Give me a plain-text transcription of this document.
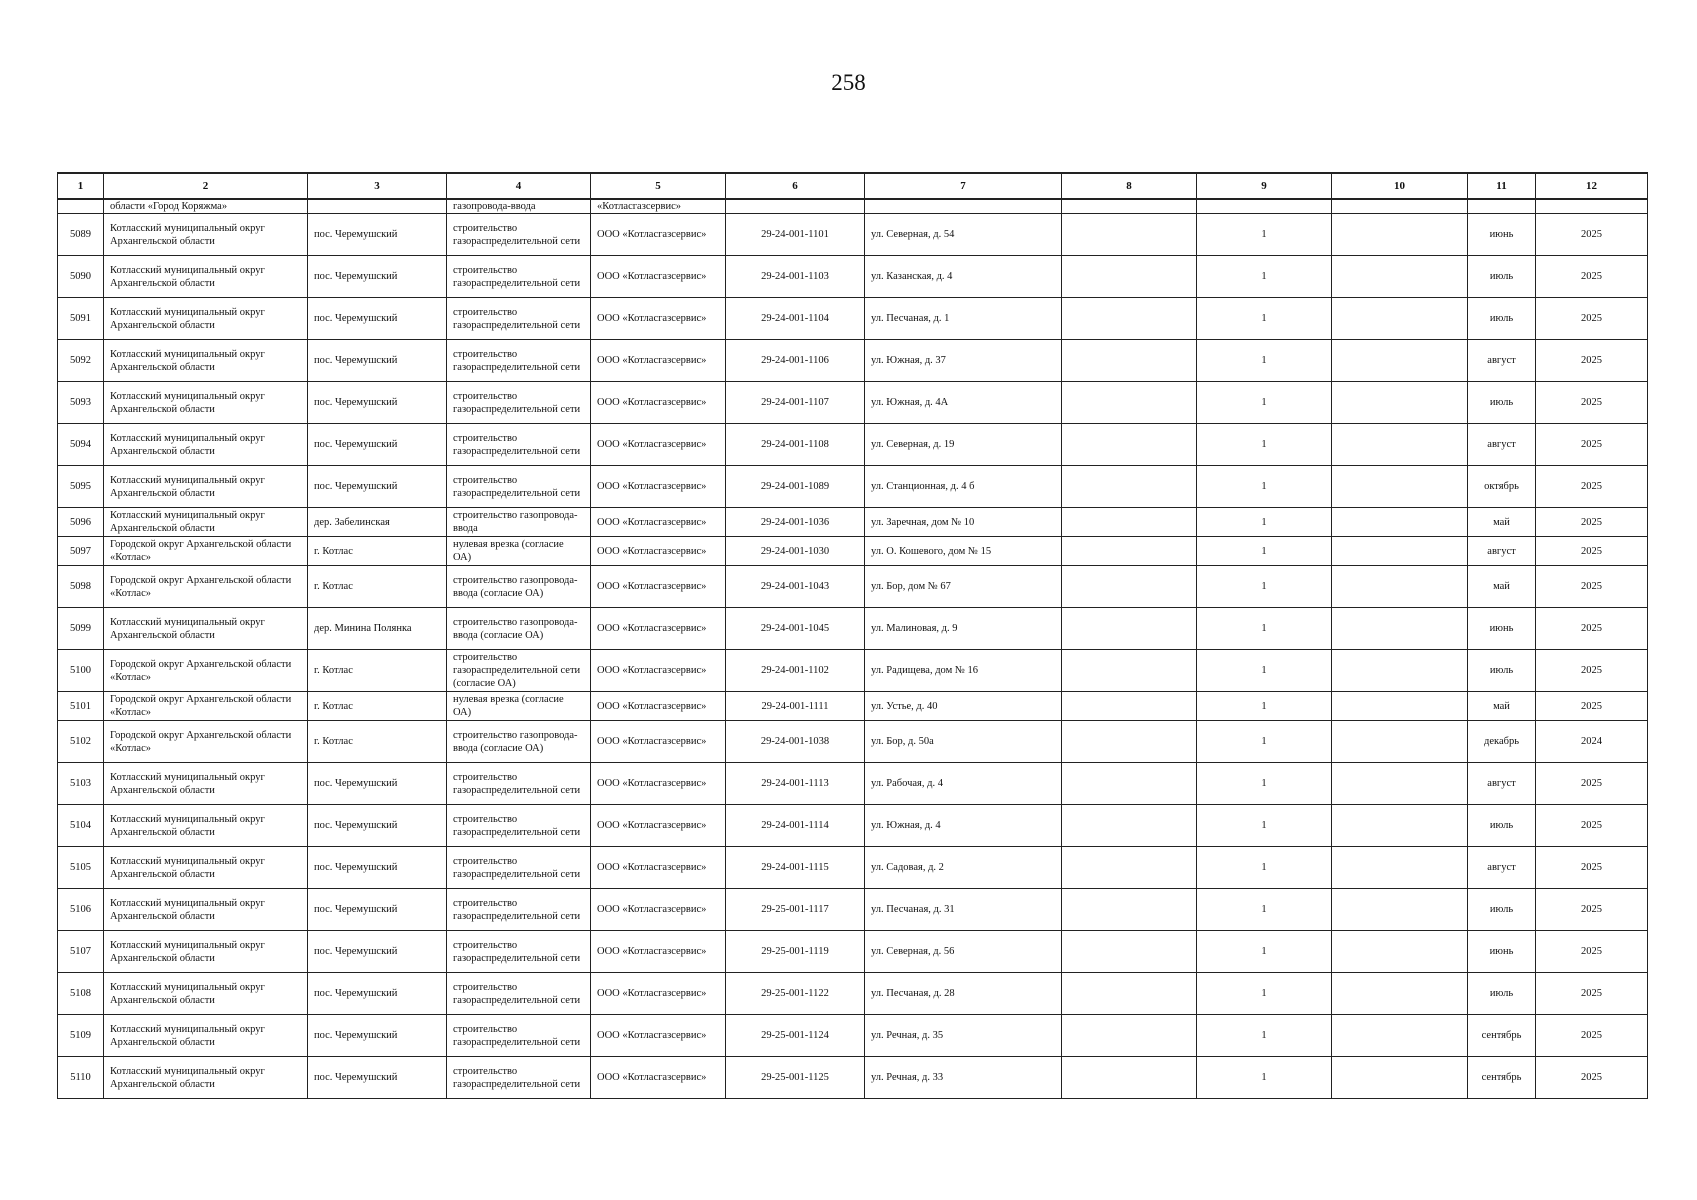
258
1	2	3	4	5	6	7	8	9	10	11	12
	области «Город Коряжма»		газопровода-ввода	«Котласгазсервис»							
5089	Котласский муниципальный округ Архангельской области	пос. Черемушский	строительство газораспределительной сети	ООО «Котласгазсервис»	29-24-001-1101	ул. Северная, д. 54		1		июнь	2025
5090	Котласский муниципальный округ Архангельской области	пос. Черемушский	строительство газораспределительной сети	ООО «Котласгазсервис»	29-24-001-1103	ул. Казанская, д. 4		1		июль	2025
5091	Котласский муниципальный округ Архангельской области	пос. Черемушский	строительство газораспределительной сети	ООО «Котласгазсервис»	29-24-001-1104	ул. Песчаная, д. 1		1		июль	2025
5092	Котласский муниципальный округ Архангельской области	пос. Черемушский	строительство газораспределительной сети	ООО «Котласгазсервис»	29-24-001-1106	ул. Южная, д. 37		1		август	2025
5093	Котласский муниципальный округ Архангельской области	пос. Черемушский	строительство газораспределительной сети	ООО «Котласгазсервис»	29-24-001-1107	ул. Южная, д. 4А		1		июль	2025
5094	Котласский муниципальный округ Архангельской области	пос. Черемушский	строительство газораспределительной сети	ООО «Котласгазсервис»	29-24-001-1108	ул. Северная, д. 19		1		август	2025
5095	Котласский муниципальный округ Архангельской области	пос. Черемушский	строительство газораспределительной сети	ООО «Котласгазсервис»	29-24-001-1089	ул. Станционная, д. 4 б		1		октябрь	2025
5096	Котласский муниципальный округ Архангельской области	дер. Забелинская	строительство газопровода-ввода	ООО «Котласгазсервис»	29-24-001-1036	ул. Заречная, дом № 10		1		май	2025
5097	Городской округ Архангельской области «Котлас»	г. Котлас	нулевая врезка (согласие ОА)	ООО «Котласгазсервис»	29-24-001-1030	ул. О. Кошевого, дом № 15		1		август	2025
5098	Городской округ Архангельской области «Котлас»	г. Котлас	строительство газопровода-ввода (согласие ОА)	ООО «Котласгазсервис»	29-24-001-1043	ул. Бор, дом № 67		1		май	2025
5099	Котласский муниципальный округ Архангельской области	дер. Минина Полянка	строительство газопровода-ввода (согласие ОА)	ООО «Котласгазсервис»	29-24-001-1045	ул. Малиновая, д. 9		1		июнь	2025
5100	Городской округ Архангельской области «Котлас»	г. Котлас	строительство газораспределительной сети (согласие ОА)	ООО «Котласгазсервис»	29-24-001-1102	ул. Радищева, дом № 16		1		июль	2025
5101	Городской округ Архангельской области «Котлас»	г. Котлас	нулевая врезка (согласие ОА)	ООО «Котласгазсервис»	29-24-001-1111	ул. Устье, д. 40		1		май	2025
5102	Городской округ Архангельской области «Котлас»	г. Котлас	строительство газопровода-ввода (согласие ОА)	ООО «Котласгазсервис»	29-24-001-1038	ул. Бор, д. 50а		1		декабрь	2024
5103	Котласский муниципальный округ Архангельской области	пос. Черемушский	строительство газораспределительной сети	ООО «Котласгазсервис»	29-24-001-1113	ул. Рабочая, д. 4		1		август	2025
5104	Котласский муниципальный округ Архангельской области	пос. Черемушский	строительство газораспределительной сети	ООО «Котласгазсервис»	29-24-001-1114	ул. Южная, д. 4		1		июль	2025
5105	Котласский муниципальный округ Архангельской области	пос. Черемушский	строительство газораспределительной сети	ООО «Котласгазсервис»	29-24-001-1115	ул. Садовая, д. 2		1		август	2025
5106	Котласский муниципальный округ Архангельской области	пос. Черемушский	строительство газораспределительной сети	ООО «Котласгазсервис»	29-25-001-1117	ул. Песчаная, д. 31		1		июль	2025
5107	Котласский муниципальный округ Архангельской области	пос. Черемушский	строительство газораспределительной сети	ООО «Котласгазсервис»	29-25-001-1119	ул. Северная, д. 56		1		июнь	2025
5108	Котласский муниципальный округ Архангельской области	пос. Черемушский	строительство газораспределительной сети	ООО «Котласгазсервис»	29-25-001-1122	ул. Песчаная, д. 28		1		июль	2025
5109	Котласский муниципальный округ Архангельской области	пос. Черемушский	строительство газораспределительной сети	ООО «Котласгазсервис»	29-25-001-1124	ул. Речная, д. 35		1		сентябрь	2025
5110	Котласский муниципальный округ Архангельской области	пос. Черемушский	строительство газораспределительной сети	ООО «Котласгазсервис»	29-25-001-1125	ул. Речная, д. 33		1		сентябрь	2025
